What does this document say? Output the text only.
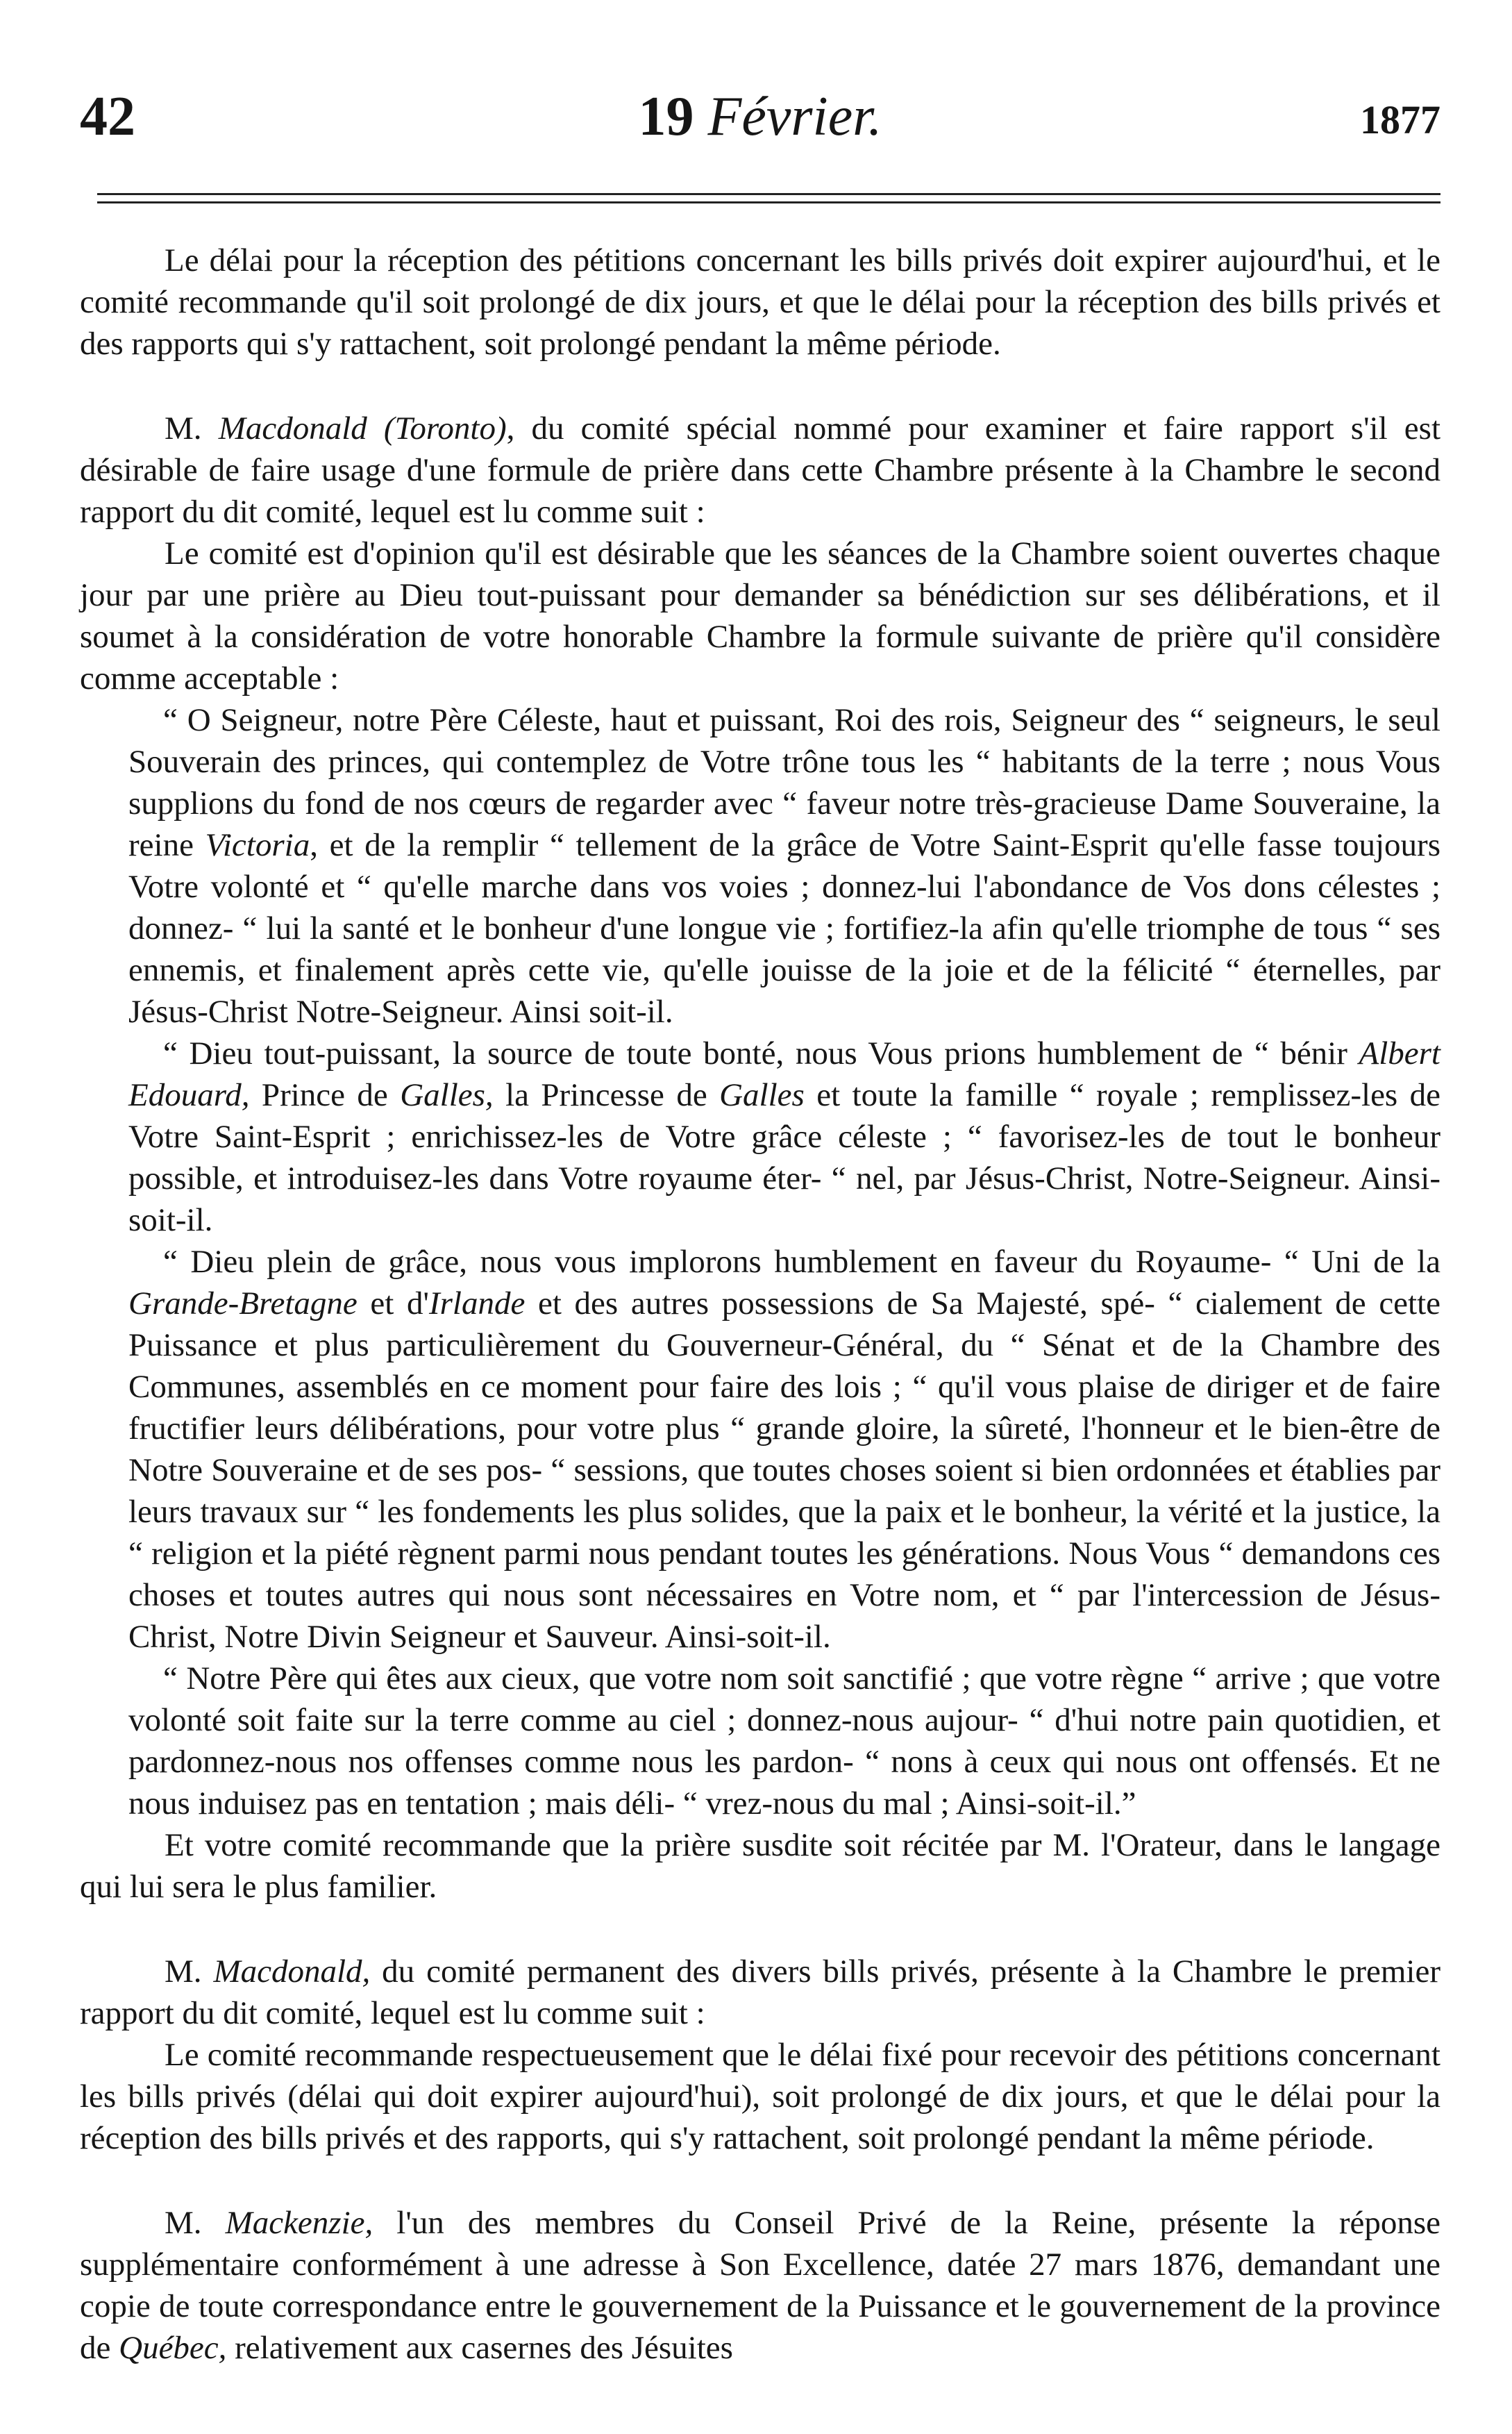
42	19 Février.	1877

Le délai pour la réception des pétitions concernant les bills privés doit expirer aujourd'hui, et le comité recommande qu'il soit prolongé de dix jours, et que le délai pour la réception des bills privés et des rapports qui s'y rattachent, soit prolongé pendant la même période.

M. Macdonald (Toronto), du comité spécial nommé pour examiner et faire rapport s'il est désirable de faire usage d'une formule de prière dans cette Chambre présente à la Chambre le second rapport du dit comité, lequel est lu comme suit :

Le comité est d'opinion qu'il est désirable que les séances de la Chambre soient ouvertes chaque jour par une prière au Dieu tout-puissant pour demander sa bénédiction sur ses délibérations, et il soumet à la considération de votre honorable Chambre la formule suivante de prière qu'il considère comme acceptable :

“ O Seigneur, notre Père Céleste, haut et puissant, Roi des rois, Seigneur des “ seigneurs, le seul Souverain des princes, qui contemplez de Votre trône tous les “ habitants de la terre ; nous Vous supplions du fond de nos cœurs de regarder avec “ faveur notre très-gracieuse Dame Souveraine, la reine Victoria, et de la remplir “ tellement de la grâce de Votre Saint-Esprit qu'elle fasse toujours Votre volonté et “ qu'elle marche dans vos voies ; donnez-lui l'abondance de Vos dons célestes ; donnez- “ lui la santé et le bonheur d'une longue vie ; fortifiez-la afin qu'elle triomphe de tous “ ses ennemis, et finalement après cette vie, qu'elle jouisse de la joie et de la félicité “ éternelles, par Jésus-Christ Notre-Seigneur. Ainsi soit-il.

“ Dieu tout-puissant, la source de toute bonté, nous Vous prions humblement de “ bénir Albert Edouard, Prince de Galles, la Princesse de Galles et toute la famille “ royale ; remplissez-les de Votre Saint-Esprit ; enrichissez-les de Votre grâce céleste ; “ favorisez-les de tout le bonheur possible, et introduisez-les dans Votre royaume éter- “ nel, par Jésus-Christ, Notre-Seigneur. Ainsi-soit-il.

“ Dieu plein de grâce, nous vous implorons humblement en faveur du Royaume- “ Uni de la Grande-Bretagne et d'Irlande et des autres possessions de Sa Majesté, spé- “ cialement de cette Puissance et plus particulièrement du Gouverneur-Général, du “ Sénat et de la Chambre des Communes, assemblés en ce moment pour faire des lois ; “ qu'il vous plaise de diriger et de faire fructifier leurs délibérations, pour votre plus “ grande gloire, la sûreté, l'honneur et le bien-être de Notre Souveraine et de ses pos- “ sessions, que toutes choses soient si bien ordonnées et établies par leurs travaux sur “ les fondements les plus solides, que la paix et le bonheur, la vérité et la justice, la “ religion et la piété règnent parmi nous pendant toutes les générations. Nous Vous “ demandons ces choses et toutes autres qui nous sont nécessaires en Votre nom, et “ par l'intercession de Jésus-Christ, Notre Divin Seigneur et Sauveur. Ainsi-soit-il.

“ Notre Père qui êtes aux cieux, que votre nom soit sanctifié ; que votre règne “ arrive ; que votre volonté soit faite sur la terre comme au ciel ; donnez-nous aujour- “ d'hui notre pain quotidien, et pardonnez-nous nos offenses comme nous les pardon- “ nons à ceux qui nous ont offensés. Et ne nous induisez pas en tentation ; mais déli- “ vrez-nous du mal ; Ainsi-soit-il.”

Et votre comité recommande que la prière susdite soit récitée par M. l'Orateur, dans le langage qui lui sera le plus familier.

M. Macdonald, du comité permanent des divers bills privés, présente à la Chambre le premier rapport du dit comité, lequel est lu comme suit :

Le comité recommande respectueusement que le délai fixé pour recevoir des pétitions concernant les bills privés (délai qui doit expirer aujourd'hui), soit prolongé de dix jours, et que le délai pour la réception des bills privés et des rapports, qui s'y rattachent, soit prolongé pendant la même période.

M. Mackenzie, l'un des membres du Conseil Privé de la Reine, présente la réponse supplémentaire conformément à une adresse à Son Excellence, datée 27 mars 1876, demandant une copie de toute correspondance entre le gouvernement de la Puissance et le gouvernement de la province de Québec, relativement aux casernes des Jésuites
